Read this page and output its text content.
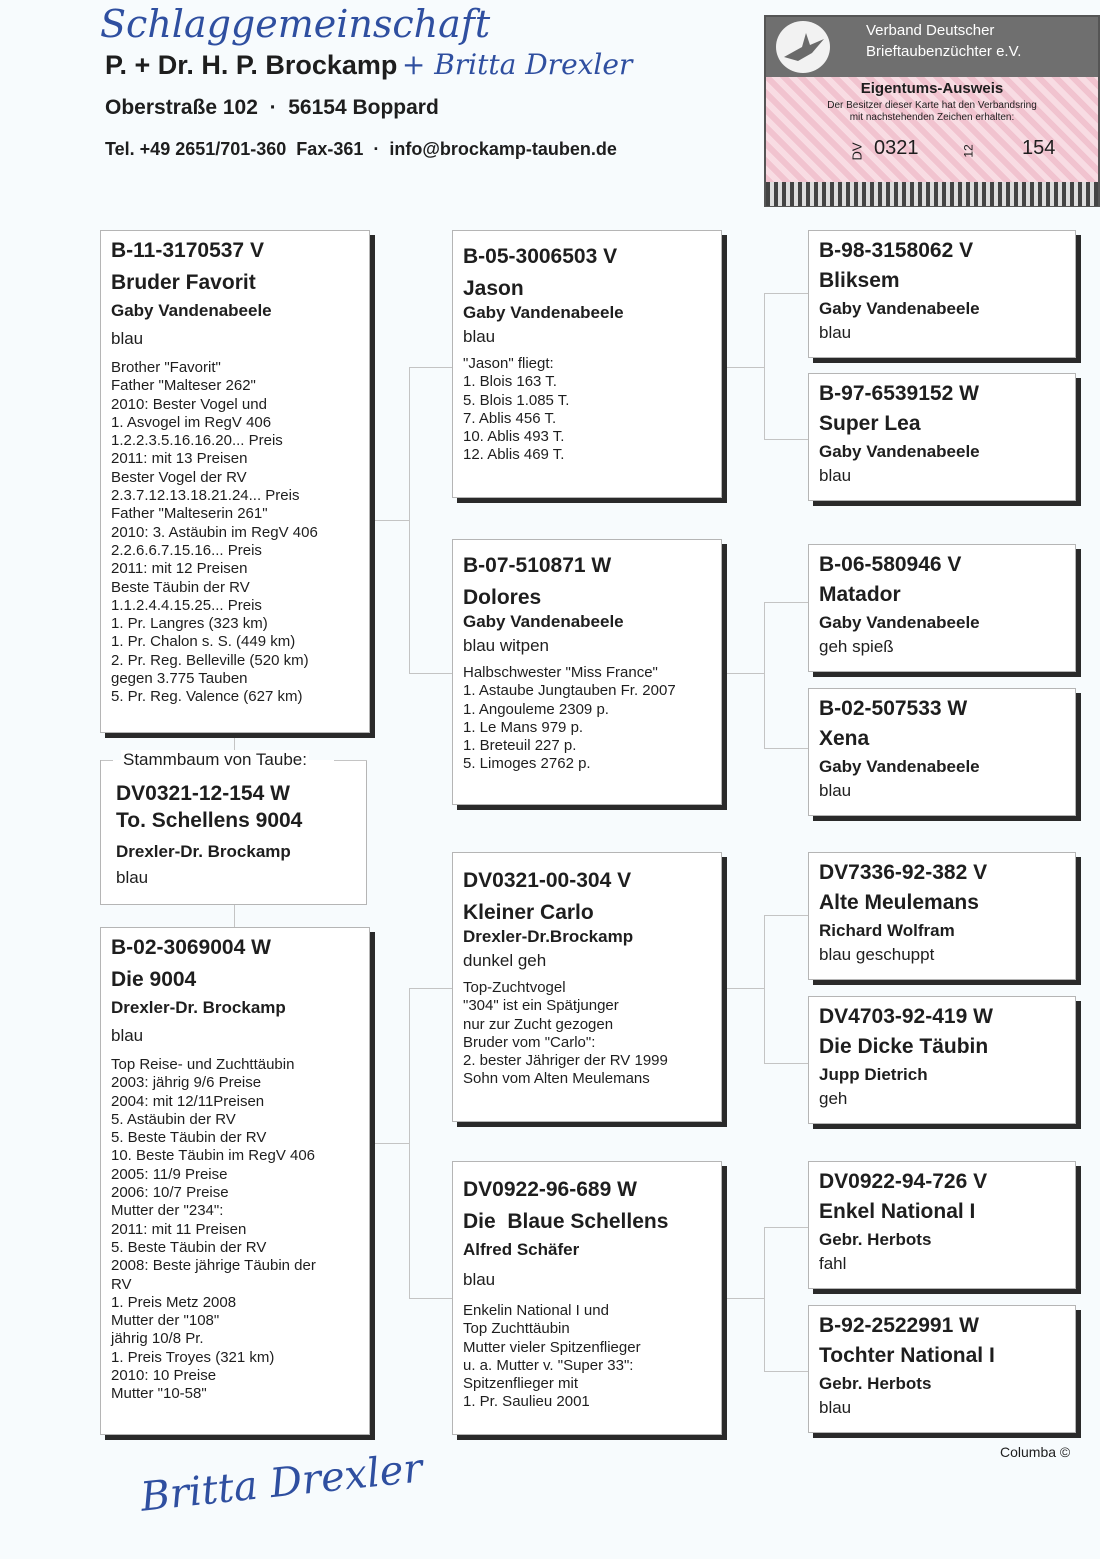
Schlaggemeinschaft
P. + Dr. H. P. Brockamp + Britta Drexler
Oberstraße 102  ·  56154 Boppard
Tel. +49 2651/701-360  Fax-361  ·  info@brockamp-tauben.de
Verband Deutscher
Brieftaubenzüchter e.V.
Eigentums-Ausweis
Der Besitzer dieser Karte hat den Verbandsring
mit nachstehenden Zeichen erhalten:
DV 0321	12 154
B-11-3170537 V
Bruder Favorit
Gaby Vandenabeele
blau
Brother "Favorit"
Father "Malteser 262"
2010: Bester Vogel und
1. Asvogel im RegV 406
1.2.2.3.5.16.16.20... Preis
2011: mit 13 Preisen
Bester Vogel der RV
2.3.7.12.13.18.21.24... Preis
Father "Malteserin 261"
2010: 3. Astäubin im RegV 406
2.2.6.6.7.15.16... Preis
2011: mit 12 Preisen
Beste Täubin der RV
1.1.2.4.4.15.25... Preis
1. Pr. Langres (323 km)
1. Pr. Chalon s. S. (449 km)
2. Pr. Reg. Belleville (520 km)
gegen 3.775 Tauben
5. Pr. Reg. Valence (627 km)
Stammbaum von Taube:
DV0321-12-154 W
To. Schellens 9004
Drexler-Dr. Brockamp
blau
B-02-3069004 W
Die 9004
Drexler-Dr. Brockamp
blau
Top Reise- und Zuchttäubin
2003: jährig 9/6 Preise
2004: mit 12/11Preisen
5. Astäubin der RV
5. Beste Täubin der RV
10. Beste Täubin im RegV 406
2005: 11/9 Preise
2006: 10/7 Preise
Mutter der "234":
2011: mit 11 Preisen
5. Beste Täubin der RV
2008: Beste jährige Täubin der
RV
1. Preis Metz 2008
Mutter der "108"
jährig 10/8 Pr.
1. Preis Troyes (321 km)
2010: 10 Preise
Mutter "10-58"
B-05-3006503 V
Jason
Gaby Vandenabeele
blau
"Jason" fliegt:
1. Blois 163 T.
5. Blois 1.085 T.
7. Ablis 456 T.
10. Ablis 493 T.
12. Ablis 469 T.
B-07-510871 W
Dolores
Gaby Vandenabeele
blau witpen
Halbschwester "Miss France"
1. Astaube Jungtauben Fr. 2007
1. Angouleme 2309 p.
1. Le Mans 979 p.
1. Breteuil 227 p.
5. Limoges 2762 p.
DV0321-00-304 V
Kleiner Carlo
Drexler-Dr.Brockamp
dunkel geh
Top-Zuchtvogel
"304" ist ein Spätjunger
nur zur Zucht gezogen
Bruder vom "Carlo":
2. bester Jähriger der RV 1999
Sohn vom Alten Meulemans
DV0922-96-689 W
Die  Blaue Schellens
Alfred Schäfer
blau
Enkelin National I und
Top Zuchttäubin
Mutter vieler Spitzenflieger
u. a. Mutter v. "Super 33":
Spitzenflieger mit
1. Pr. Saulieu 2001
B-98-3158062 V
Bliksem
Gaby Vandenabeele
blau
B-97-6539152 W
Super Lea
Gaby Vandenabeele
blau
B-06-580946 V
Matador
Gaby Vandenabeele
geh spieß
B-02-507533 W
Xena
Gaby Vandenabeele
blau
DV7336-92-382 V
Alte Meulemans
Richard Wolfram
blau geschuppt
DV4703-92-419 W
Die Dicke Täubin
Jupp Dietrich
geh
DV0922-94-726 V
Enkel National I
Gebr. Herbots
fahl
B-92-2522991 W
Tochter National I
Gebr. Herbots
blau
Columba ©
Britta Drexler
